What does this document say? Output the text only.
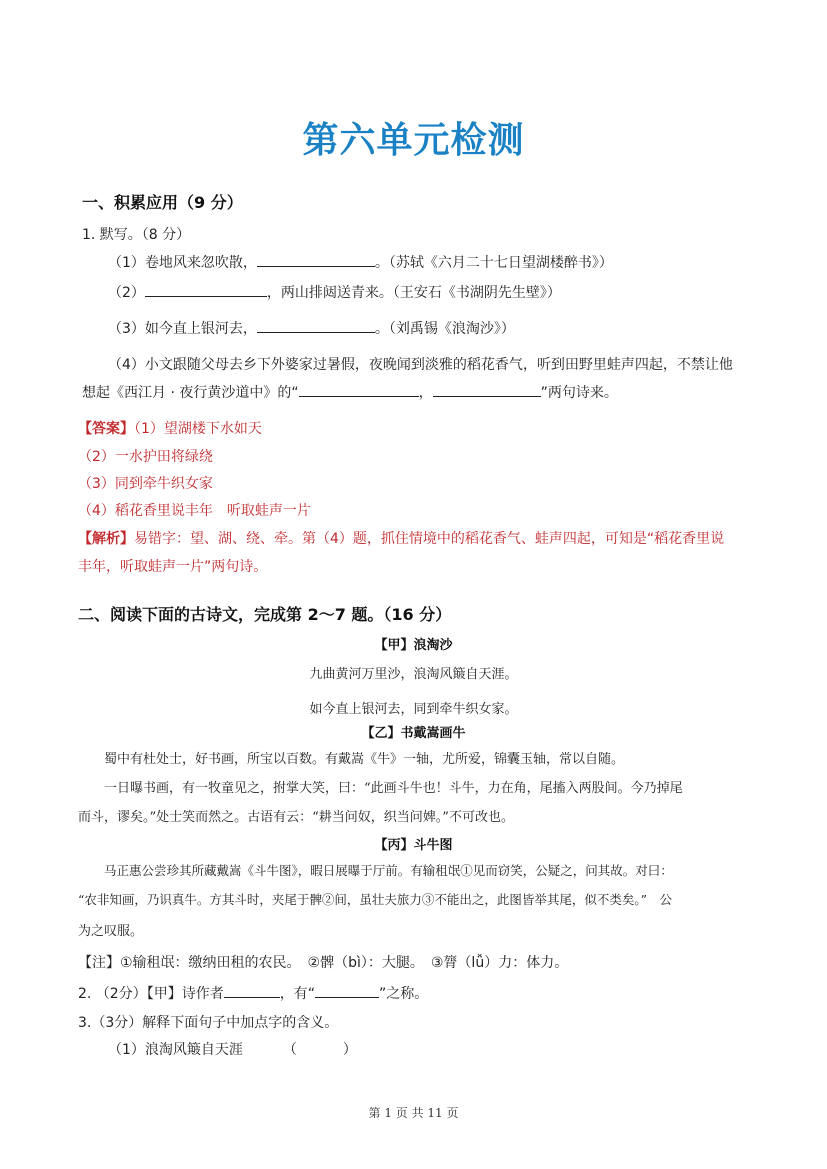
第六单元检测
一、积累应用（9 分）
1. 默写。（8 分）
（1）卷地风来忽吹散，	。（苏轼《六月二十七日望湖楼醉书》）
（2）	，两山排闼送青来。（王安石《书湖阴先生壁》）
（3）如今直上银河去，	。（刘禹锡《浪淘沙》）
（4）小文跟随父母去乡下外婆家过暑假，夜晚闻到淡雅的稻花香气，听到田野里蛙声四起，不禁让他
想起《西江月 · 夜行黄沙道中》的“	，	”两句诗来。
【答案】（1）望湖楼下水如天
（2）一水护田将绿绕
（3）同到牵牛织女家
（4）稻花香里说丰年　听取蛙声一片
【解析】易错字：望、湖、绕、牵。第（4）题，抓住情境中的稻花香气、蛙声四起，可知是“稻花香里说
丰年，听取蛙声一片”两句诗。
二、阅读下面的古诗文，完成第 2～7 题。（16 分）
【甲】浪淘沙
九曲黄河万里沙，浪淘风簸自天涯。
如今直上银河去，同到牵牛织女家。
【乙】书戴嵩画牛
蜀中有杜处士，好书画，所宝以百数。有戴嵩《牛》一轴，尤所爱，锦囊玉轴，常以自随。
一日曝书画，有一牧童见之，拊掌大笑，曰：“此画斗牛也！斗牛，力在角，尾搐入两股间。今乃掉尾
而斗，谬矣。”处士笑而然之。古语有云：“耕当问奴，织当问婢。”不可改也。
【丙】斗牛图
马正惠公尝珍其所藏戴嵩《斗牛图》，暇日展曝于厅前。有输租氓①见而窃笑，公疑之，问其故。对曰：
“农非知画，乃识真牛。方其斗时，夹尾于髀②间，虽壮夫旅力③不能出之，此图皆举其尾，似不类矣。”　公
为之叹服。
【注】①输租氓：缴纳田租的农民。　②髀（bì）：大腿。　③膂（lǚ）力：体力。
2. （2分）【甲】诗作者	，有“	”之称。
3.（3分）解释下面句子中加点字的含义。
（1）浪淘风簸自天涯	（	）
第 1 页 共 11 页
